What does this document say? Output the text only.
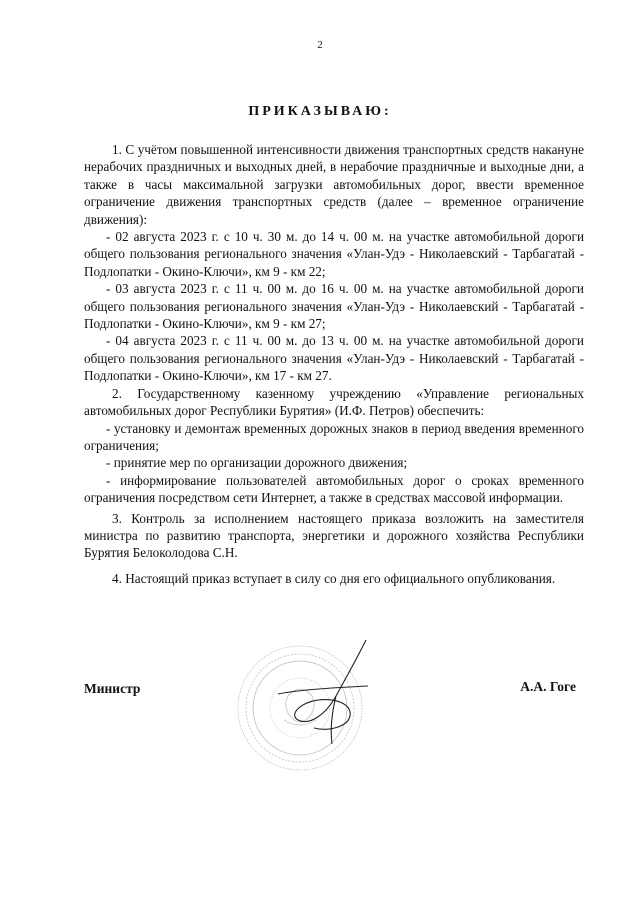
2
ПРИКАЗЫВАЮ:

1. С учётом повышенной интенсивности движения транспортных средств накануне нерабочих праздничных и выходных дней, в нерабочие праздничные и выходные дни, а также в часы максимальной загрузки автомобильных дорог, ввести временное ограничение движения транспортных средств (далее – временное ограничение движения):

- 02 августа 2023 г. с 10 ч. 30 м. до 14 ч. 00 м. на участке автомобильной дороги общего пользования регионального значения «Улан-Удэ - Николаевский - Тарбагатай - Подлопатки - Окино-Ключи», км 9 - км 22;

- 03 августа 2023 г. с 11 ч. 00 м. до 16 ч. 00 м. на участке автомобильной дороги общего пользования регионального значения «Улан-Удэ - Николаевский - Тарбагатай - Подлопатки - Окино-Ключи», км 9 - км 27;

- 04 августа 2023 г. с 11 ч. 00 м. до 13 ч. 00 м. на участке автомобильной дороги общего пользования регионального значения «Улан-Удэ - Николаевский - Тарбагатай - Подлопатки - Окино-Ключи», км 17 - км 27.

2. Государственному казенному учреждению «Управление региональных автомобильных дорог Республики Бурятия» (И.Ф. Петров) обеспечить:

- установку и демонтаж временных дорожных знаков в период введения временного ограничения;

- принятие мер по организации дорожного движения;

- информирование пользователей автомобильных дорог о сроках временного ограничения посредством сети Интернет, а также в средствах массовой информации.

3. Контроль за исполнением настоящего приказа возложить на заместителя министра по развитию транспорта, энергетики и дорожного хозяйства Республики Бурятия Белоколодова С.Н.

4. Настоящий приказ вступает в силу со дня его официального опубликования.

Министр	А.А. Гоге
